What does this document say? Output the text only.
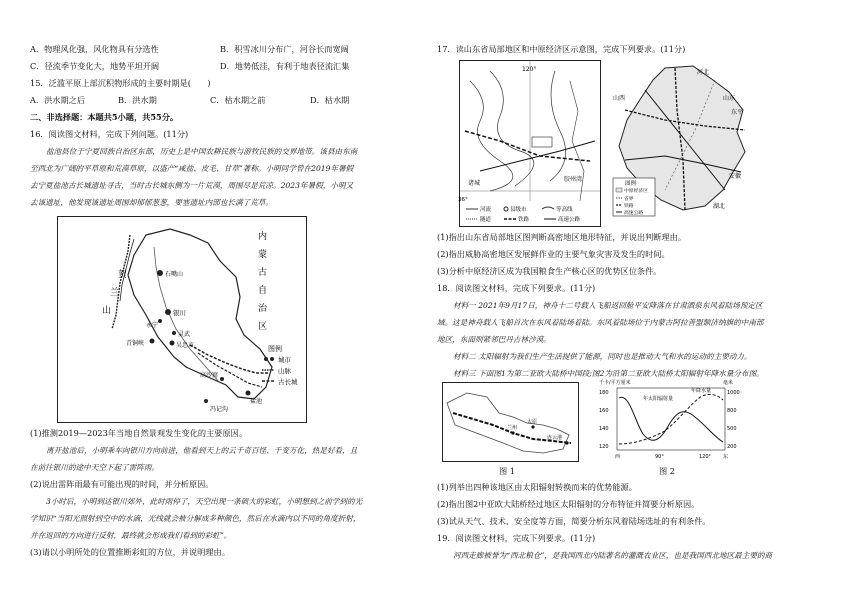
A．物理风化强，风化物具有分选性	B．积雪冰川分布广，河谷长而宽阔
C．径流季节变化大，地势平坦开阔	D．地势低洼，有利于地表径流汇集
15．泛滥平原上部沉积物形成的主要时期是(　　)
A．洪水期之后	B．洪水期	C．枯水期之前	D．枯水期
二、非选择题：本题共5小题，共55分。
16．阅读图文材料，完成下列问题。(11分)
盐池县位于宁夏回族自治区东部，历史上是中国农耕民族与游牧民族的交界地带。该县由东南
至西北为广阔的平草原和荒漠草原，以盛产“咸盐、皮毛、甘草”著称。小明同学曾在2019年暑假
去宁夏盐池古长城遗址寻古，当时古长城东侧为一片荒漠，周围尽是荒凉。2023年暑假，小明又
去该遗址，他发现该遗址周围却郁郁葱葱，要塞遗址内部也长满了荒草。
贺
兰
山
石嘴山
银川
永宁
灵武
青铜峡	吴忠市
高沙窝
盐池
冯记沟
内
蒙
古
自
治
区
图例
城市
山脉
古长城
(1)推测2019—2023年当地自然景观发生变化的主要原因。
离开盐池后，小明乘车向银川方向前进，他看到天上的云千奇百怪、千变万化，热是好看，且
在前往银川的途中天空下起了雷阵雨。
(2)说出雷阵雨最有可能出现的时间，并分析原因。
3小时后，小明到达银川郊外，此时雨停了，天空出现一条硕大的彩虹，小明想到之前学到的光
学知识“当阳光照射到空中的水滴，光线就会被分解成多种颜色，然后在水滴内以不同的角度折射，
并在返回的方向进行反射，最终就会形成我们看到的彩虹”。
(3)请以小明所处的位置推断彩虹的方位，并说明理由。
17．读山东省局部地区和中原经济区示意图，完成下列要求。(11分)
120°
诸城
胶州湾
36°
河流	县级市	等高线
隧道	铁路	高速公路
河北
山西	山东
东平
安徽
湖北
图例
中原经济区
省界
铁路
高速公路
(1)指出山东省局部地区图判断高密地区地形特征，并说出判断理由。
(2)指出威胁高密地区发展鲜作业的主要气象灾害及发生的时间。
(3)分析中原经济区成为我国粮食生产核心区的优势区位条件。
18．阅读图文材料，完成下列要求。(11分)
材料一 2021年9月17日，神舟十二号载人飞船返回舱平安降落在甘肃酒泉东风着陆场预定区
域。这是神舟载人飞船首次在东风着陆场着陆。东风着陆场位于内蒙古阿拉善盟额济纳旗的中南部
地区，东面则紧邻巴丹吉林沙漠。
材料二 太阳辐射为我们生产生活提供了能源，同时也是推动大气和水的运动的主要动力。
材料三 下面图1为第二亚欧大陆桥中国段;图2为沿第二亚欧大陆桥太阳辐射年降水量分布图。
兰州
太原
连云港
图 1
千卡/平方厘米	毫米
180
160
140
120
1000
800
500
200
年太阳辐射量
年降水量
西	90°	120° 东
图 2
(1)列举出四种该地区由太阳辐射转换而来的优势能源。
(2)指出图2中亚欧大陆桥经过地区太阳辐射的分布特征并简要分析原因。
(3)试从天气、技术、安全度等方面，简要分析东风着陆场选址的有利条件。
19．阅读图文材料，完成下列要求。(11分)
河西走廊被誉为“西北粮仓”，是我国西北内陆著名的灌溉农业区，也是我国西北地区最主要的商
